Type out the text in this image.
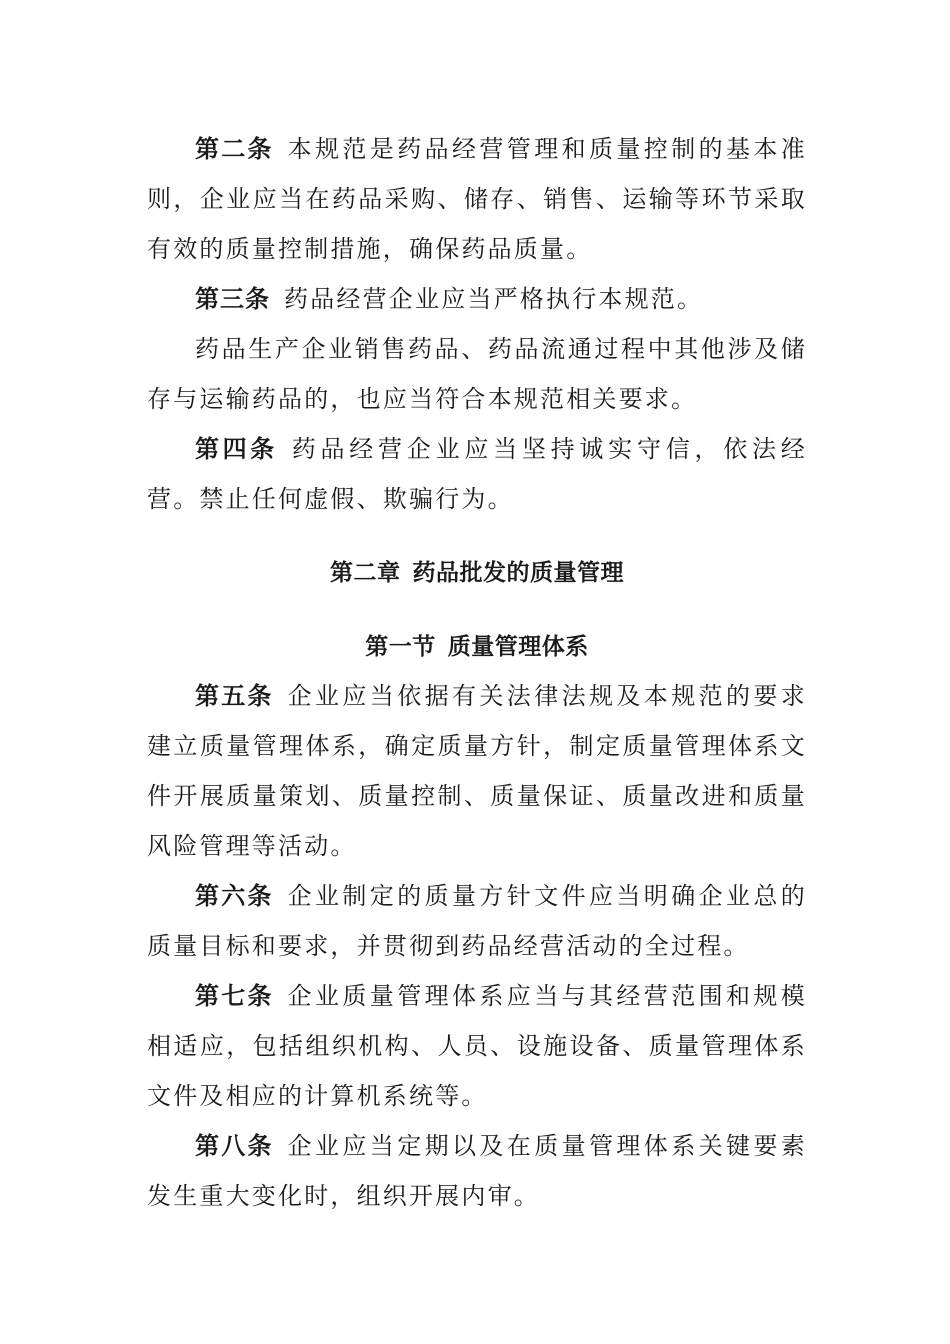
第二条 本规范是药品经营管理和质量控制的基本准则，企业应当在药品采购、储存、销售、运输等环节采取有效的质量控制措施，确保药品质量。

第三条 药品经营企业应当严格执行本规范。

药品生产企业销售药品、药品流通过程中其他涉及储存与运输药品的，也应当符合本规范相关要求。

第四条 药品经营企业应当坚持诚实守信，依法经营。禁止任何虚假、欺骗行为。

第二章 药品批发的质量管理

第一节 质量管理体系

第五条 企业应当依据有关法律法规及本规范的要求建立质量管理体系，确定质量方针，制定质量管理体系文件开展质量策划、质量控制、质量保证、质量改进和质量风险管理等活动。

第六条 企业制定的质量方针文件应当明确企业总的质量目标和要求，并贯彻到药品经营活动的全过程。

第七条 企业质量管理体系应当与其经营范围和规模相适应，包括组织机构、人员、设施设备、质量管理体系文件及相应的计算机系统等。

第八条 企业应当定期以及在质量管理体系关键要素发生重大变化时，组织开展内审。
